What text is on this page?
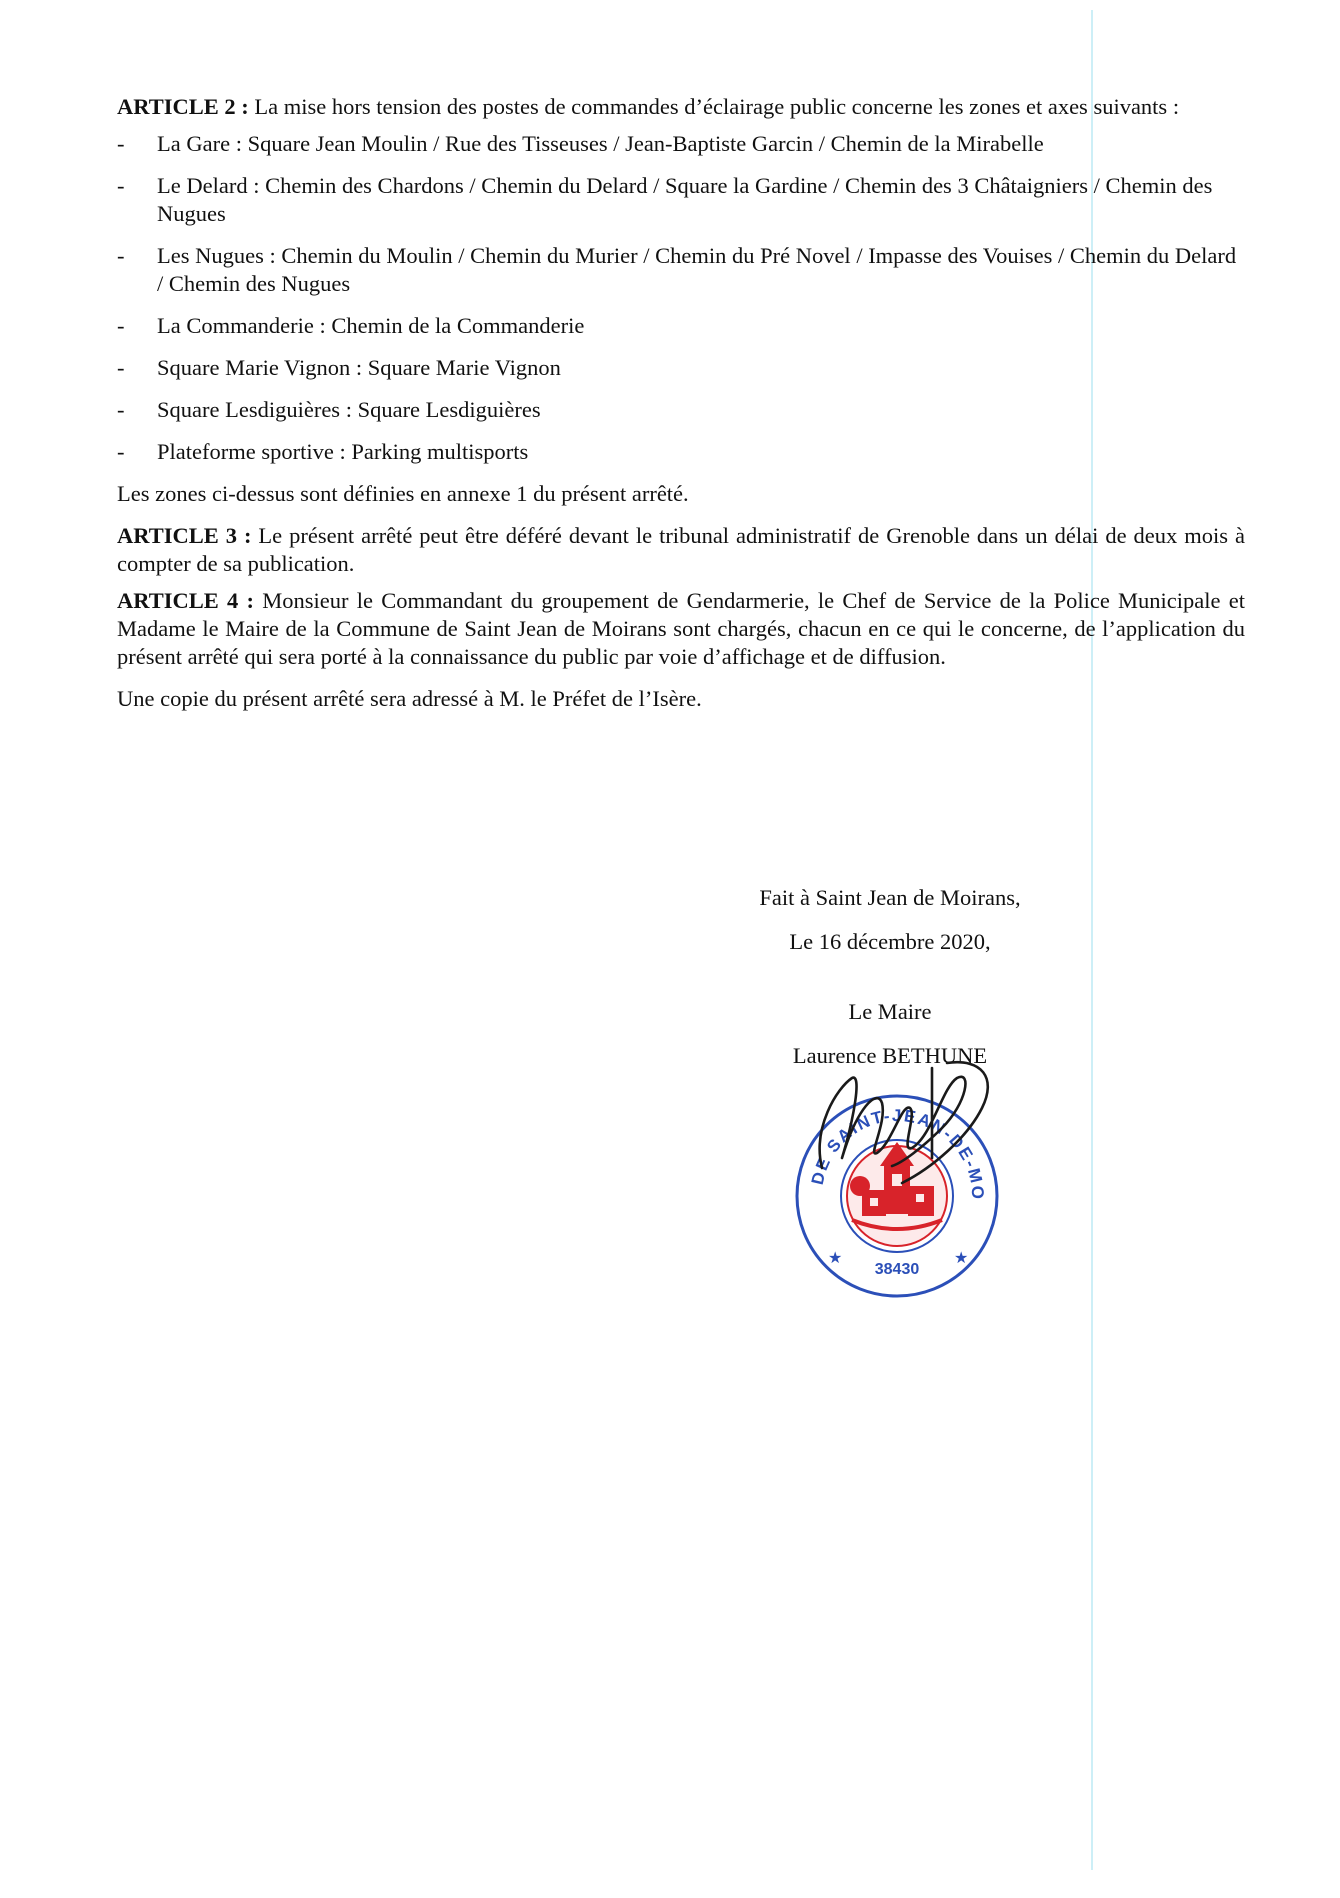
ARTICLE 2 : La mise hors tension des postes de commandes d’éclairage public concerne les zones et axes suivants :

-	La Gare : Square Jean Moulin / Rue des Tisseuses / Jean-Baptiste Garcin / Chemin de la Mirabelle
-	Le Delard : Chemin des Chardons / Chemin du Delard / Square la Gardine / Chemin des 3 Châtaigniers / Chemin des Nugues
-	Les Nugues : Chemin du Moulin / Chemin du Murier / Chemin du Pré Novel / Impasse des Vouises / Chemin du Delard / Chemin des Nugues
-	La Commanderie : Chemin de la Commanderie
-	Square Marie Vignon : Square Marie Vignon
-	Square Lesdiguières : Square Lesdiguières
-	Plateforme sportive : Parking multisports

Les zones ci-dessus sont définies en annexe 1 du présent arrêté.

ARTICLE 3 : Le présent arrêté peut être déféré devant le tribunal administratif de Grenoble dans un délai de deux mois à compter de sa publication.

ARTICLE 4 : Monsieur le Commandant du groupement de Gendarmerie, le Chef de Service de la Police Municipale et Madame le Maire de la Commune de Saint Jean de Moirans sont chargés, chacun en ce qui le concerne, de l’application du présent arrêté qui sera porté à la connaissance du public par voie d’affichage et de diffusion.

Une copie du présent arrêté sera adressé à M. le Préfet de l’Isère.

Fait à Saint Jean de Moirans,

Le 16 décembre 2020,

Le Maire

Laurence BETHUNE

DE SAINT-JEAN-DE-MO
★	★
38430
